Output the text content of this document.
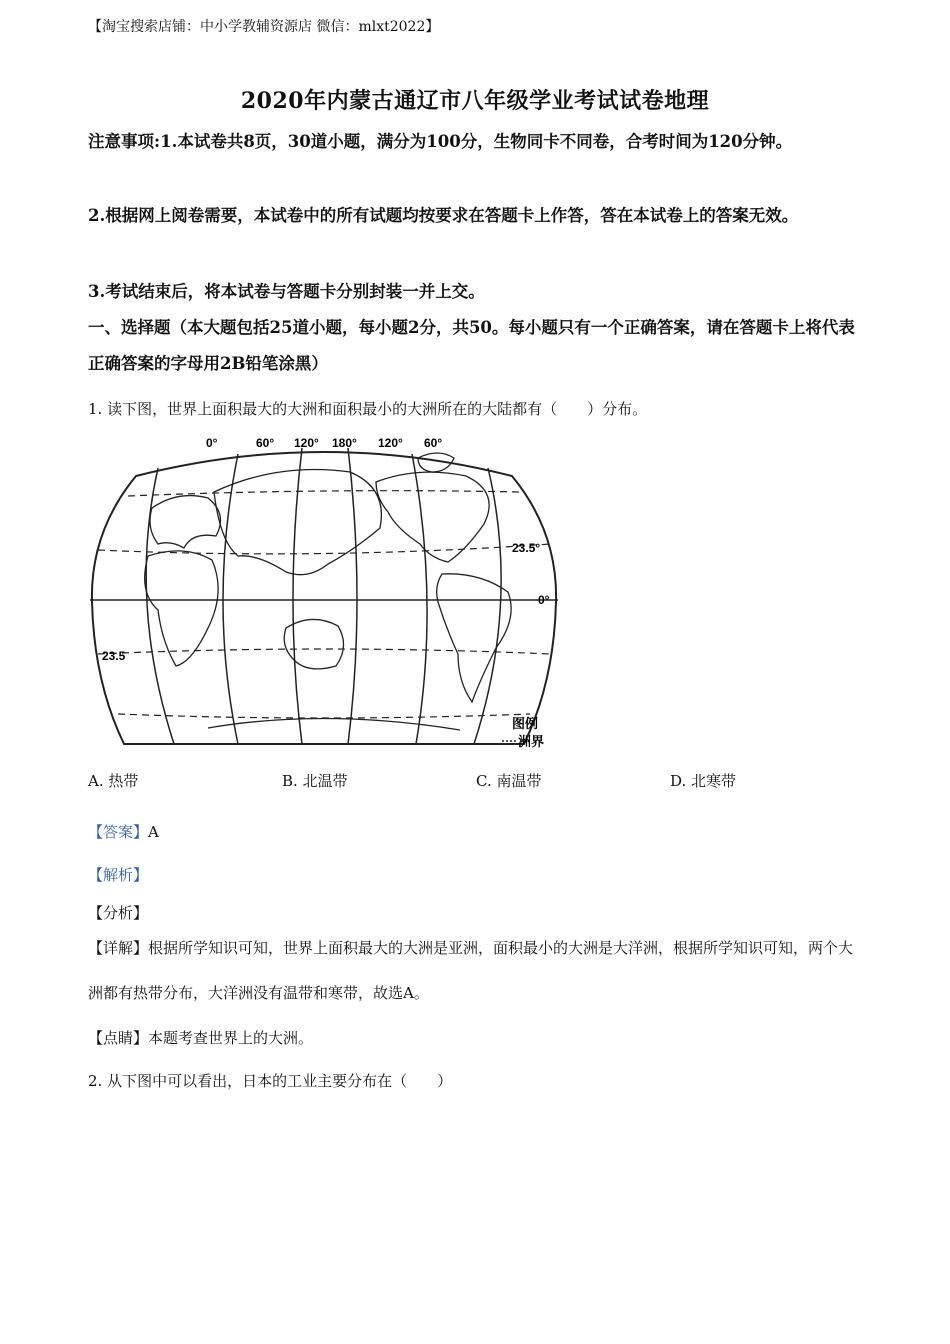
【淘宝搜索店铺：中小学教辅资源店 微信：mlxt2022】
2020年内蒙古通辽市八年级学业考试试卷地理
注意事项:1.本试卷共8页，30道小题，满分为100分，生物同卡不同卷，合考时间为120分钟。
2.根据网上阅卷需要，本试卷中的所有试题均按要求在答题卡上作答，答在本试卷上的答案无效。
3.考试结束后，将本试卷与答题卡分别封装一并上交。
一、选择题（本大题包括25道小题，每小题2分，共50。每小题只有一个正确答案，请在答题卡上将代表正确答案的字母用2B铅笔涂黑）
1. 读下图，世界上面积最大的大洲和面积最小的大洲所在的大陆都有（　　）分布。
0°	60° 120° 180° 120° 60°
23.5°
0°
23.5
图例
洲界
A. 热带	B. 北温带	C. 南温带	D. 北寒带
【答案】A
【解析】
【分析】
【详解】根据所学知识可知，世界上面积最大的大洲是亚洲，面积最小的大洲是大洋洲，根据所学知识可知，两个大洲都有热带分布，大洋洲没有温带和寒带，故选A。
【点睛】本题考查世界上的大洲。
2. 从下图中可以看出，日本的工业主要分布在（　　）
